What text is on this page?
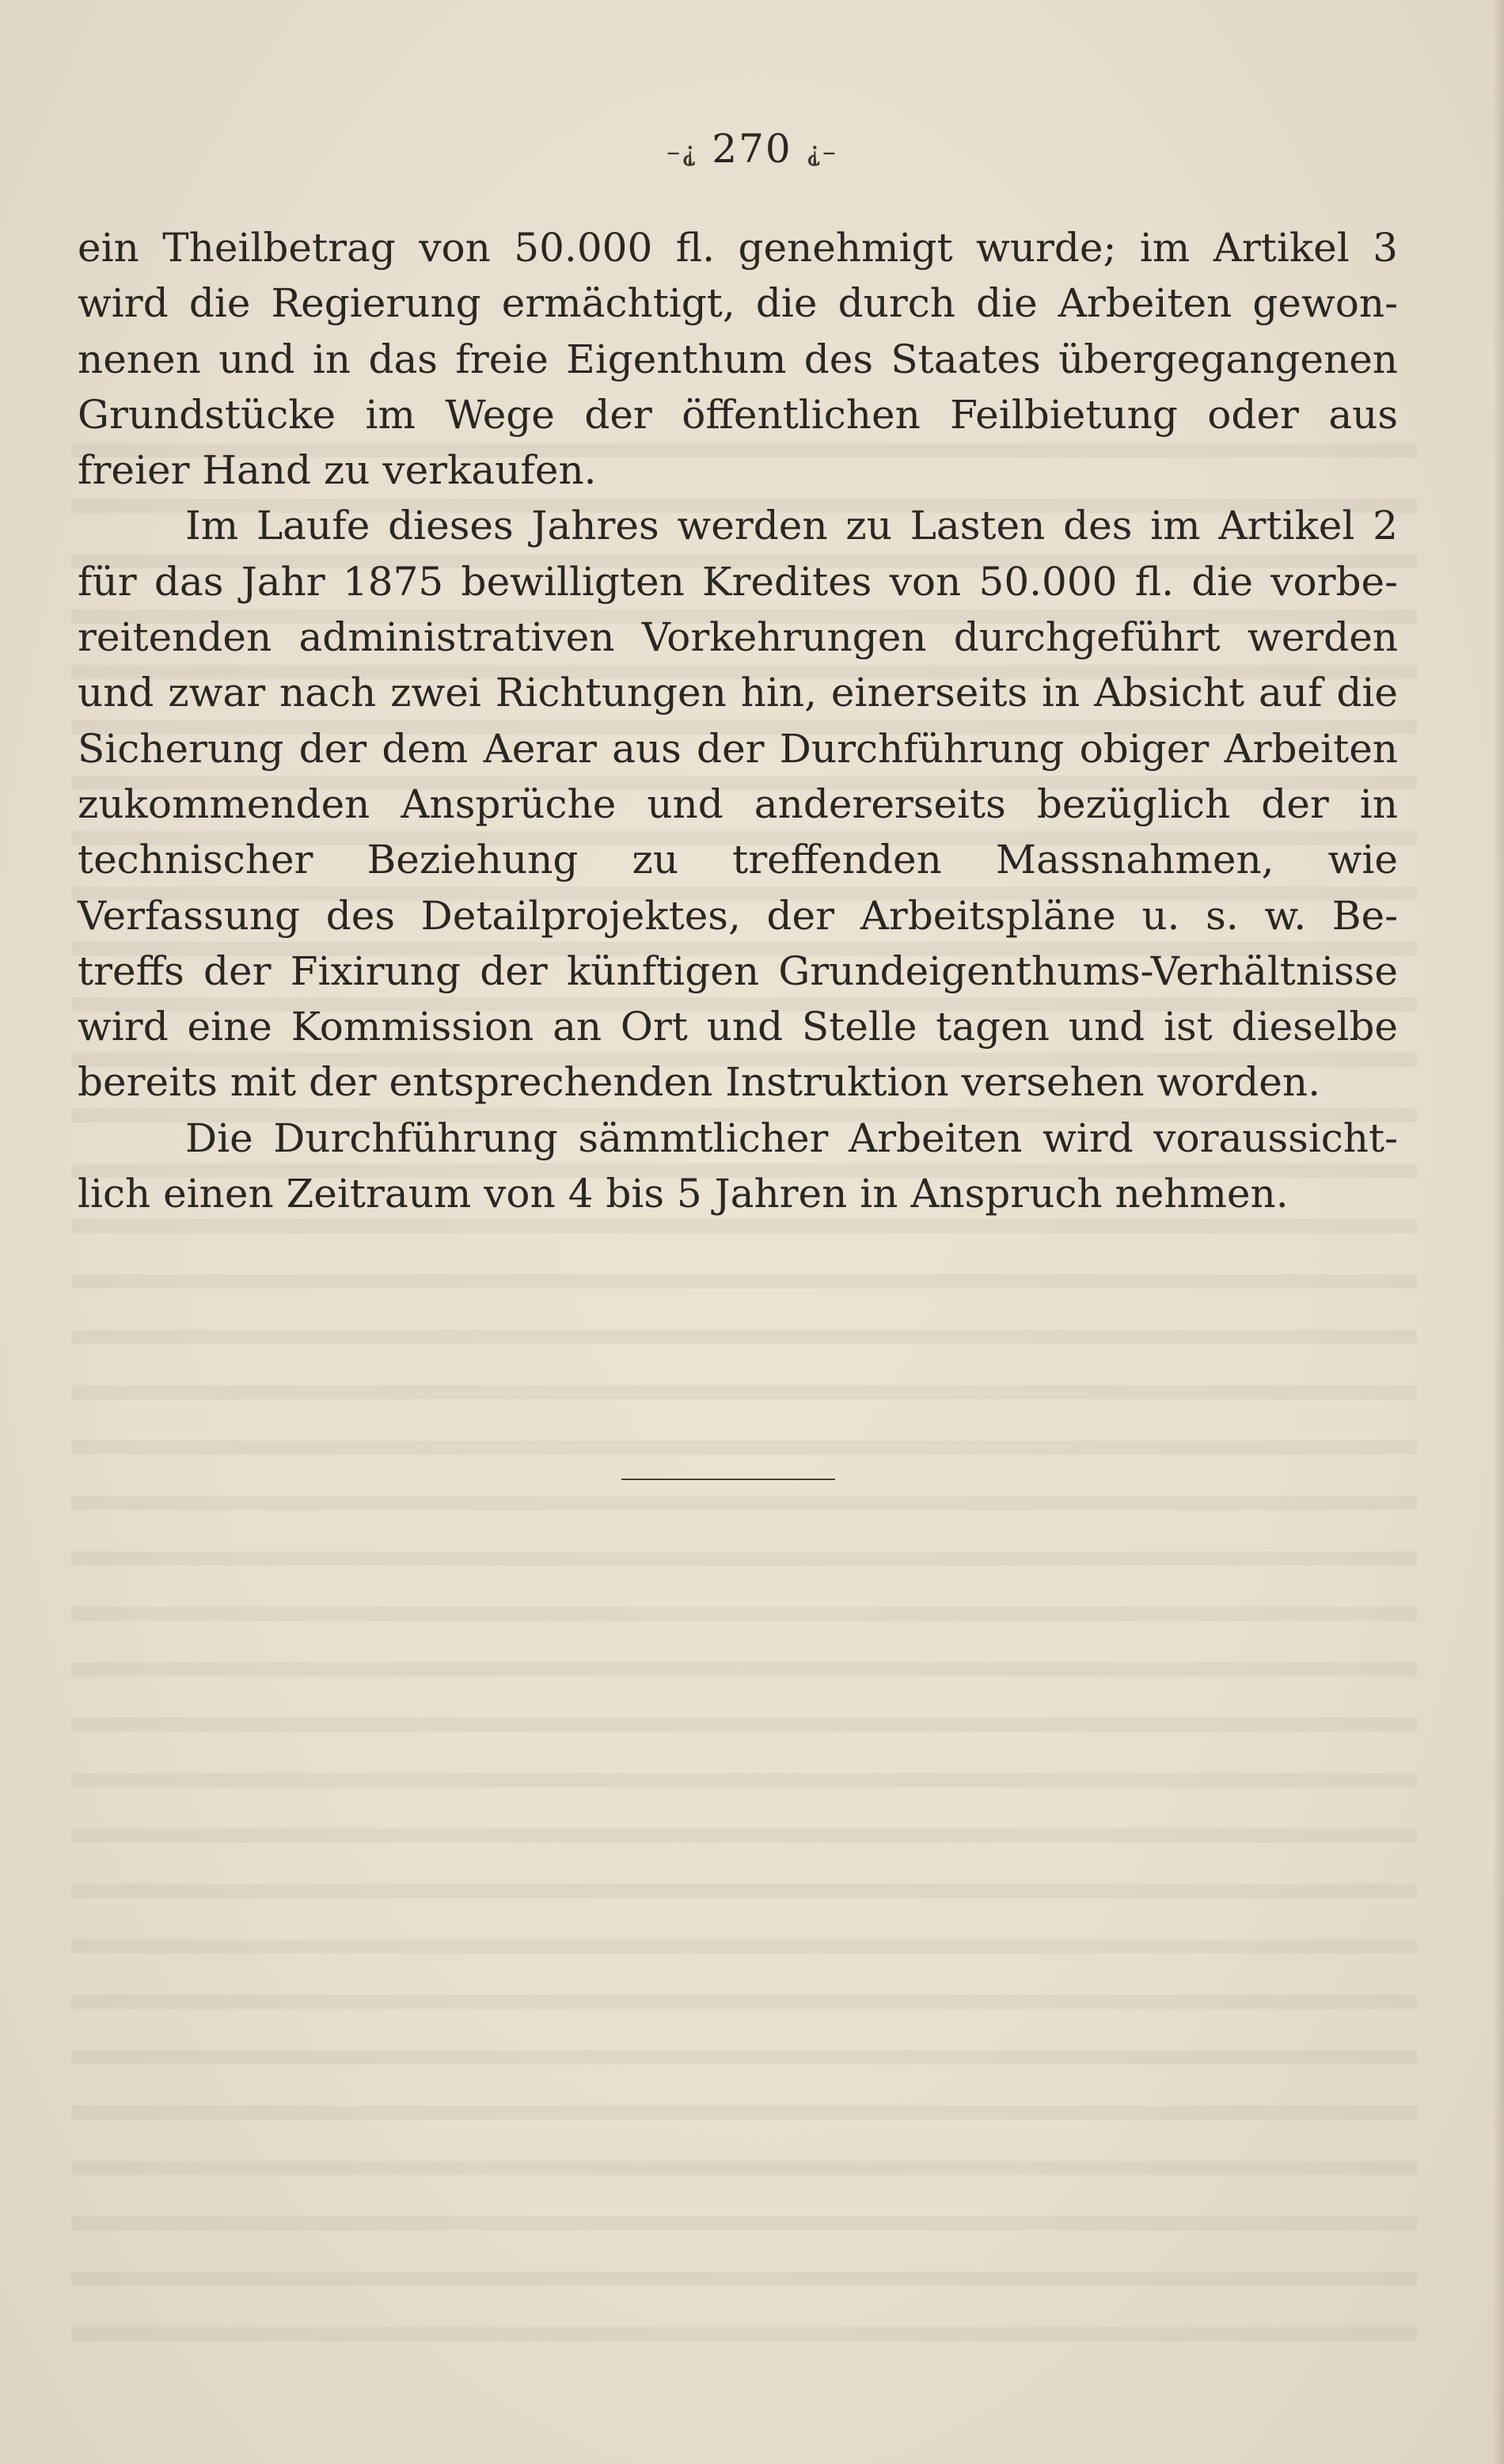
–⸘ 270 ⸘–

ein Theilbetrag von 50.000 fl. genehmigt wurde; im Artikel 3 wird die Regierung ermächtigt, die durch die Arbeiten gewon- nenen und in das freie Eigenthum des Staates übergegangenen Grundstücke im Wege der öffentlichen Feilbietung oder aus freier Hand zu verkaufen.

Im Laufe dieses Jahres werden zu Lasten des im Artikel 2 für das Jahr 1875 bewilligten Kredites von 50.000 fl. die vorbe- reitenden administrativen Vorkehrungen durchgeführt werden und zwar nach zwei Richtungen hin, einerseits in Absicht auf die Sicherung der dem Aerar aus der Durchführung obiger Arbeiten zukommenden Ansprüche und andererseits bezüglich der in technischer Beziehung zu treffenden Massnahmen, wie Verfassung des Detailprojektes, der Arbeitspläne u. s. w. Be- treffs der Fixirung der künftigen Grundeigenthums-Verhältnisse wird eine Kommission an Ort und Stelle tagen und ist dieselbe bereits mit der entsprechenden Instruktion versehen worden.

Die Durchführung sämmtlicher Arbeiten wird voraussicht- lich einen Zeitraum von 4 bis 5 Jahren in Anspruch nehmen.
